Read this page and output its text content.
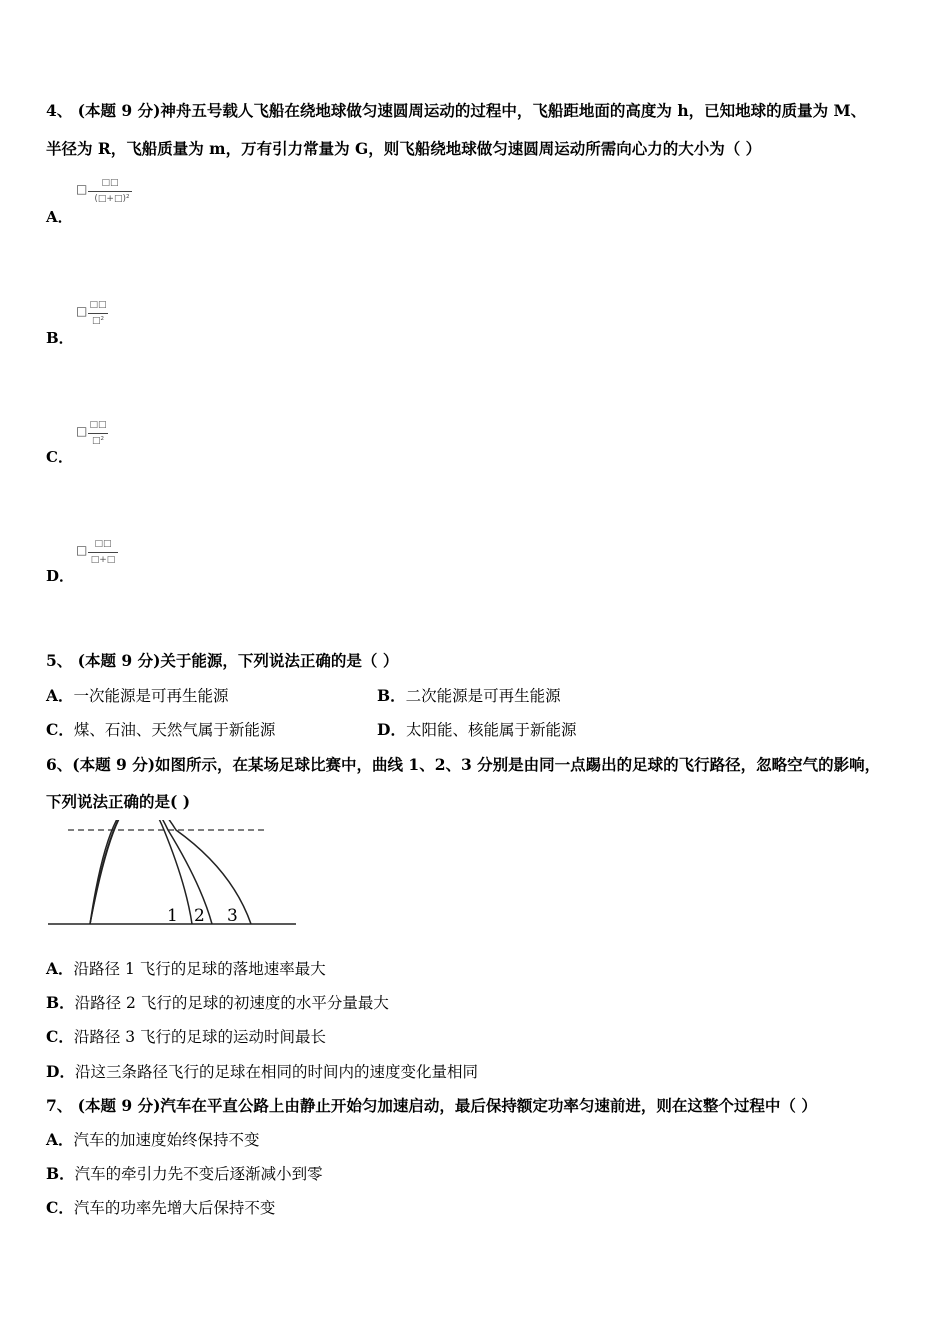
4、 (本题 9 分)神舟五号载人飞船在绕地球做匀速圆周运动的过程中，飞船距地面的高度为 h，已知地球的质量为 M、
半径为 R，飞船质量为 m，万有引力常量为 G，则飞船绕地球做匀速圆周运动所需向心力的大小为（ ）
□	□□
(□+□)²
A．
□ □□
□²
B．
□ □□
□²
C．
□ □□
□+□
D．
5、 (本题 9 分)关于能源，下列说法正确的是（ ）
A．一次能源是可再生能源	B．二次能源是可再生能源
C．煤、石油、天然气属于新能源	D．太阳能、核能属于新能源
6、(本题 9 分)如图所示，在某场足球比赛中，曲线 1、2、3 分别是由同一点踢出的足球的飞行路径，忽略空气的影响，
下列说法正确的是( )
1 2 3
A．沿路径 1 飞行的足球的落地速率最大
B．沿路径 2 飞行的足球的初速度的水平分量最大
C．沿路径 3 飞行的足球的运动时间最长
D．沿这三条路径飞行的足球在相同的时间内的速度变化量相同
7、 (本题 9 分)汽车在平直公路上由静止开始匀加速启动，最后保持额定功率匀速前进，则在这整个过程中（ ）
A．汽车的加速度始终保持不变
B．汽车的牵引力先不变后逐渐减小到零
C．汽车的功率先增大后保持不变
